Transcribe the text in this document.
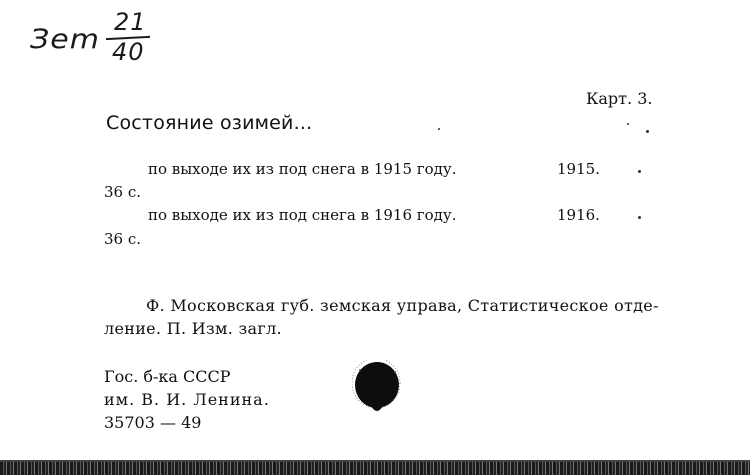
Зem
21
40
Карт. 3.
Состояние озимей...
по выходе их из под снега в 1915 году.	1915.
36 с.
по выходе их из под снега в 1916 году.	1916.
36 с.
Ф. Московская губ. земская управа, Статистическое отде-
ление. П. Изм. загл.
Гос. б-ка СССР
им. В. И. Ленина.
35703 — 49
